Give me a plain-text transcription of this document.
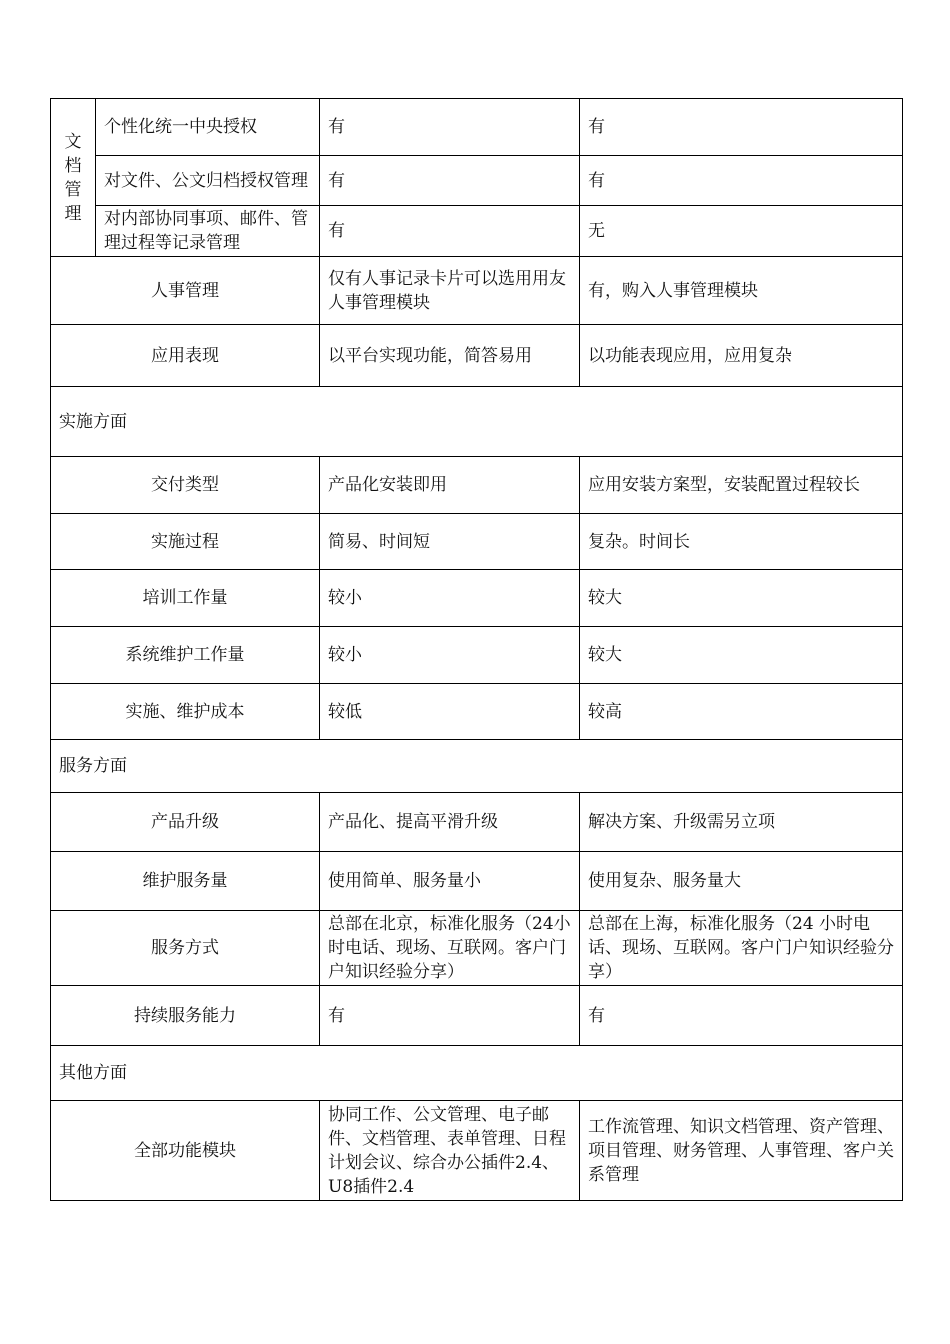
文
档
管
理	个性化统一中央授权	有	有
	对文件、公文归档授权管理	有	有
	对内部协同事项、邮件、管理过程等记录管理	有	无
人事管理		仅有人事记录卡片可以选用用友人事管理模块	有，购入人事管理模块
应用表现		以平台实现功能，简答易用	以功能表现应用，应用复杂
实施方面			
交付类型		产品化安装即用	应用安装方案型，安装配置过程较长
实施过程		简易、时间短	复杂。时间长
培训工作量		较小	较大
系统维护工作量		较小	较大
实施、维护成本		较低	较高
服务方面			
产品升级		产品化、提高平滑升级	解决方案、升级需另立项
维护服务量		使用简单、服务量小	使用复杂、服务量大
服务方式		总部在北京，标准化服务（24小时电话、现场、互联网。客户门户知识经验分享）	总部在上海，标准化服务（24 小时电话、现场、互联网。客户门户知识经验分享）
持续服务能力		有	有
其他方面			
全部功能模块		协同工作、公文管理、电子邮件、文档管理、表单管理、日程计划会议、综合办公插件2.4、U8插件2.4	工作流管理、知识文档管理、资产管理、项目管理、财务管理、人事管理、客户关系管理
